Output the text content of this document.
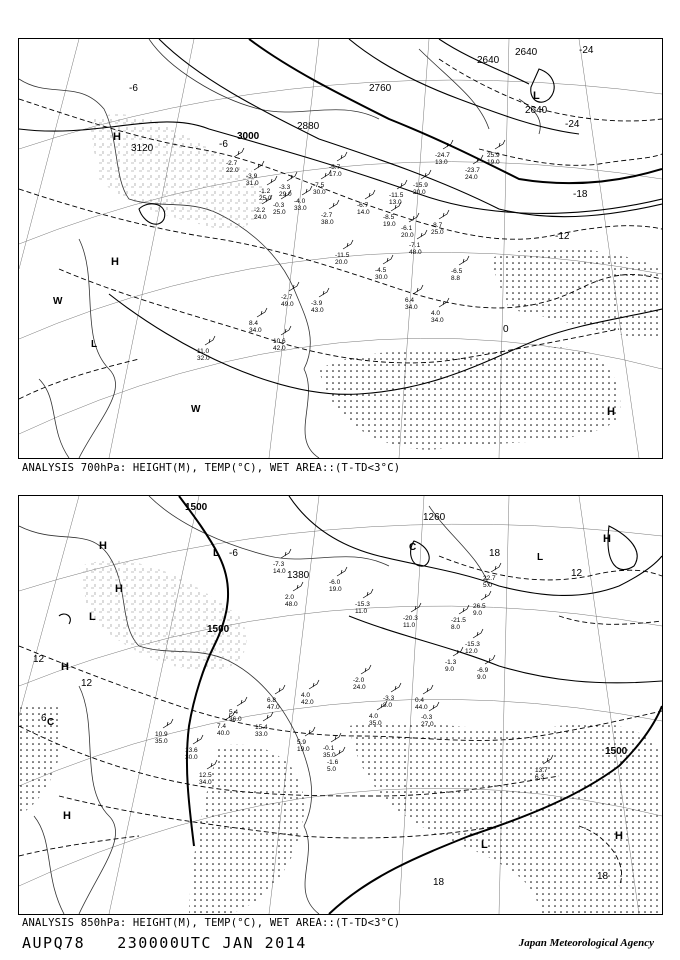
-2.7
22.0
-3.9
31.0
-1.2
25.0
-3.3
29.0
-7.5
30.0
-5.7
17.0
-2.2
24.0
-0.3
25.0
-4.0
33.0
-2.7
38.0
-6.7
14.0
-11.5
13.0
-8.5
19.0
-6.1
20.0
-8.7
25.0
-7.1
48.0
-11.5
20.0
-4.5
30.0
-6.5
8.8
6.4
34.0
4.0
34.0
-2.7
49.0	-3.9
43.0
8.4
34.0
10.6
42.0
11.0
32.0
-15.9
20.0
-24.7
13.0
25.9
19.0
-23.7
24.0
3120
3000
2880
2760
2640
2640
2640
-24
-24
-18
-12
-6
-6
0
H
H
H
L
W
W
L
ANALYSIS 700hPa: HEIGHT(M), TEMP(°C), WET AREA::(T-TD<3°C)
2.0
48.0
-7.3
14.0
-6.0
19.0
-15.3
11.0
-20.3
11.0
-21.5
8.0
-15.3
12.0
-1.3
9.0	-6.9
9.0
-2.0
24.0
-3.3
8.0
0.4
44.0
4.0
35.0
5.4
36.0
15.4
33.0
7.4
40.0
6.8
47.0
4.0
42.0
10.9
35.0
13.6
30.0
12.5
34.0
5.9
19.0
22.7
5.0
26.5
9.0
-0.3
27.0
-0.1
35.0
-1.6
5.0	13.7
6.3
1500
1500
1380
1260
1500
12
12
12
18
18
18
6
-6
H
H
L
H
C
H
L
C
H
L
H
L
ANALYSIS 850hPa: HEIGHT(M), TEMP(°C), WET AREA::(T-TD<3°C)
AUPQ78 230000UTC JAN 2014	Japan Meteorological Agency
